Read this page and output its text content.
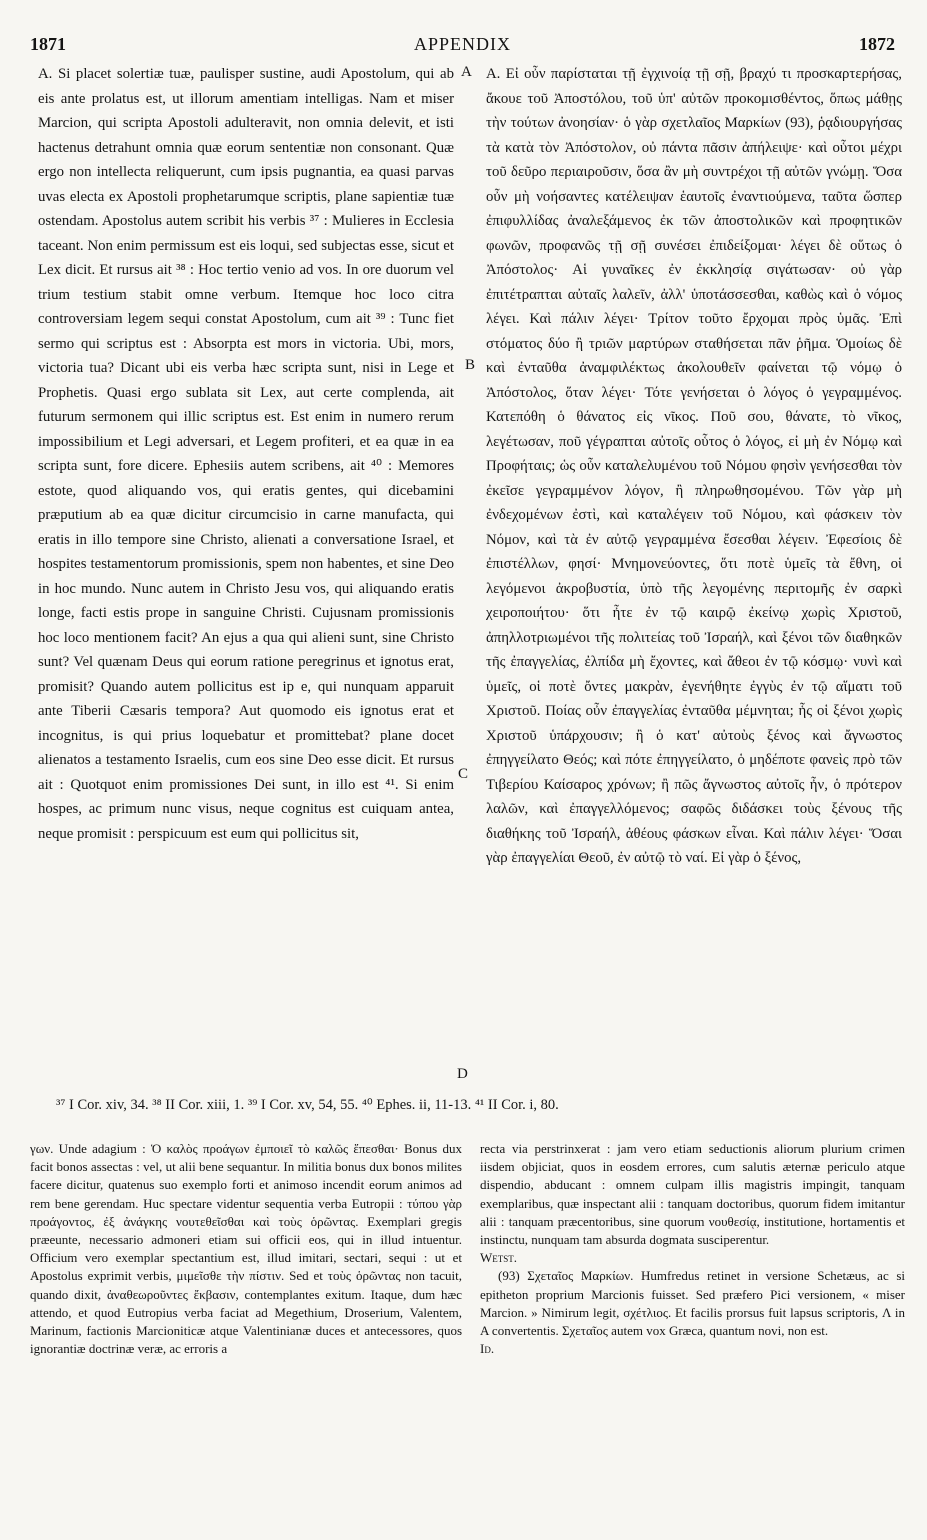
1871	APPENDIX	1872

A. Si placet solertiæ tuæ, paulisper sustine, audi Apostolum, qui ab eis ante prolatus est, ut illorum amentiam intelligas. Nam et miser Marcion, qui scripta Apostoli adulteravit, non omnia delevit, et isti hactenus detrahunt omnia quæ eorum sententiæ non consonant. Quæ ergo non intellecta reliquerunt, cum ipsis pugnantia, ea quasi parvas uvas electa ex Apostoli prophetarumque scriptis, plane sapientiæ tuæ ostendam. Apostolus autem scribit his verbis ³⁷ : Mulieres in Ecclesia taceant. Non enim permissum est eis loqui, sed subjectas esse, sicut et Lex dicit. Et rursus ait ³⁸ : Hoc tertio venio ad vos. In ore duorum vel trium testium stabit omne verbum. Itemque hoc loco citra controversiam legem sequi constat Apostolum, cum ait ³⁹ : Tunc fiet sermo qui scriptus est : Absorpta est mors in victoria. Ubi, mors, victoria tua? Dicant ubi eis verba hæc scripta sunt, nisi in Lege et Prophetis. Quasi ergo sublata sit Lex, aut certe complenda, ait futurum sermonem qui illic scriptus est. Est enim in numero rerum impossibilium et Legi adversari, et Legem profiteri, et ea quæ in ea scripta sunt, fore dicere. Ephesiis autem scribens, ait ⁴⁰ : Memores estote, quod aliquando vos, qui eratis gentes, qui dicebamini præputium ab ea quæ dicitur circumcisio in carne manufacta, qui eratis in illo tempore sine Christo, alienati a conversatione Israel, et hospites testamentorum promissionis, spem non habentes, et sine Deo in hoc mundo. Nunc autem in Christo Jesu vos, qui aliquando eratis longe, facti estis prope in sanguine Christi. Cujusnam promissionis hoc loco mentionem facit? An ejus a qua qui alieni sunt, sine Christo sunt? Vel quænam Deus qui eorum ratione peregrinus et ignotus erat, promisit? Quando autem pollicitus est ip e, qui nunquam apparuit ante Tiberii Cæsaris tempora? Aut quomodo eis ignotus erat et incognitus, is qui prius loquebatur et promittebat? plane docet alienatos a testamento Israelis, cum eos sine Deo esse dicit. Et rursus ait : Quotquot enim promissiones Dei sunt, in illo est ⁴¹. Si enim hospes, ac primum nunc visus, neque cognitus est cuiquam antea, neque promisit : perspicuum est eum qui pollicitus sit,

A. Εἰ οὖν παρίσταται τῇ ἐγχινοίᾳ τῇ σῇ, βραχύ τι προσκαρτερήσας, ἄκουε τοῦ Ἀποστόλου, τοῦ ὑπ' αὐτῶν προκομισθέντος, ὅπως μάθῃς τὴν τούτων ἀνοησίαν· ὁ γὰρ σχετλαῖος Μαρκίων (93), ῥᾳδιουργήσας τὰ κατὰ τὸν Ἀπόστολον, οὐ πάντα πᾶσιν ἀπήλειψε· καὶ οὗτοι μέχρι τοῦ δεῦρο περιαιροῦσιν, ὅσα ἂν μὴ συντρέχοι τῇ αὐτῶν γνώμῃ. Ὅσα οὖν μὴ νοήσαντες κατέλειψαν ἑαυτοῖς ἐναντιούμενα, ταῦτα ὥσπερ ἐπιφυλλίδας ἀναλεξάμενος ἐκ τῶν ἀποστολικῶν καὶ προφητικῶν φωνῶν, προφανῶς τῇ σῇ συνέσει ἐπιδείξομαι· λέγει δὲ οὕτως ὁ Ἀπόστολος· Αἱ γυναῖκες ἐν ἐκκλησίᾳ σιγάτωσαν· οὐ γὰρ ἐπιτέτραπται αὐταῖς λαλεῖν, ἀλλ' ὑποτάσσεσθαι, καθὼς καὶ ὁ νόμος λέγει. Καὶ πάλιν λέγει· Τρίτον τοῦτο ἔρχομαι πρὸς ὑμᾶς. Ἐπὶ στόματος δύο ἢ τριῶν μαρτύρων σταθήσεται πᾶν ῥῆμα. Ὁμοίως δὲ καὶ ἐνταῦθα ἀναμφιλέκτως ἀκολουθεῖν φαίνεται τῷ νόμῳ ὁ Ἀπόστολος, ὅταν λέγει· Τότε γενήσεται ὁ λόγος ὁ γεγραμμένος. Κατεπόθη ὁ θάνατος εἰς νῖκος. Ποῦ σου, θάνατε, τὸ νῖκος, λεγέτωσαν, ποῦ γέγραπται αὐτοῖς οὗτος ὁ λόγος, εἰ μὴ ἐν Νόμῳ καὶ Προφήταις; ὡς οὖν καταλελυμένου τοῦ Νόμου φησὶν γενήσεσθαι τὸν ἐκεῖσε γεγραμμένον λόγον, ἢ πληρωθησομένου. Τῶν γὰρ μὴ ἐνδεχομένων ἐστὶ, καὶ καταλέγειν τοῦ Νόμου, καὶ φάσκειν τὸν Νόμον, καὶ τὰ ἐν αὐτῷ γεγραμμένα ἔσεσθαι λέγειν. Ἐφεσίοις δὲ ἐπιστέλλων, φησί· Μνημονεύοντες, ὅτι ποτὲ ὑμεῖς τὰ ἔθνη, οἱ λεγόμενοι ἀκροβυστία, ὑπὸ τῆς λεγομένης περιτομῆς ἐν σαρκὶ χειροποιήτου· ὅτι ἦτε ἐν τῷ καιρῷ ἐκείνῳ χωρὶς Χριστοῦ, ἀπηλλοτριωμένοι τῆς πολιτείας τοῦ Ἰσραήλ, καὶ ξένοι τῶν διαθηκῶν τῆς ἐπαγγελίας, ἐλπίδα μὴ ἔχοντες, καὶ ἄθεοι ἐν τῷ κόσμῳ· νυνὶ καὶ ὑμεῖς, οἱ ποτὲ ὄντες μακρὰν, ἐγενήθητε ἐγγὺς ἐν τῷ αἵματι τοῦ Χριστοῦ. Ποίας οὖν ἐπαγγελίας ἐνταῦθα μέμνηται; ἧς οἱ ξένοι χωρὶς Χριστοῦ ὑπάρχουσιν; ἢ ὁ κατ' αὐτοὺς ξένος καὶ ἄγνωστος ἐπηγγείλατο Θεός; καὶ πότε ἐπηγγείλατο, ὁ μηδέποτε φανεὶς πρὸ τῶν Τιβερίου Καίσαρος χρόνων; ἢ πῶς ἄγνωστος αὐτοῖς ἦν, ὁ πρότερον λαλῶν, καὶ ἐπαγγελλόμενος; σαφῶς διδάσκει τοὺς ξένους τῆς διαθήκης τοῦ Ἰσραήλ, ἀθέους φάσκων εἶναι. Καὶ πάλιν λέγει· Ὅσαι γὰρ ἐπαγγελίαι Θεοῦ, ἐν αὐτῷ τὸ ναί. Εἰ γὰρ ὁ ξένος,

A
B
C
D
³⁷ I Cor. xiv, 34. ³⁸ II Cor. xiii, 1. ³⁹ I Cor. xv, 54, 55. ⁴⁰ Ephes. ii, 11-13. ⁴¹ II Cor. i, 80.

γων. Unde adagium : Ὁ καλὸς προάγων ἐμποιεῖ τὸ καλῶς ἕπεσθαι· Bonus dux facit bonos assectas : vel, ut alii bene sequantur. In militia bonus dux bonos milites facere dicitur, quatenus suo exemplo forti et animoso incendit eorum animos ad rem bene gerendam. Huc spectare videntur sequentia verba Eutropii : τύπου γὰρ προάγοντος, ἐξ ἀνάγκης νουτεθεῖσθαι καὶ τοὺς ὁρῶντας. Exemplari gregis præeunte, necessario admoneri etiam sui officii eos, qui in illud intuentur. Officium vero exemplar spectantium est, illud imitari, sectari, sequi : ut et Apostolus exprimit verbis, μιμεῖσθε τὴν πίστιν. Sed et τοὺς ὁρῶντας non tacuit, quando dixit, ἀναθεωροῦντες ἔκβασιν, contemplantes exitum. Itaque, dum hæc attendo, et quod Eutropius verba faciat ad Megethium, Droserium, Valentem, Marinum, factionis Marcioniticæ atque Valentinianæ duces et antecessores, quos ignorantiæ doctrinæ veræ, ac erroris a

recta via perstrinxerat : jam vero etiam seductionis aliorum plurium crimen iisdem objiciat, quos in eosdem errores, cum salutis æternæ periculo atque dispendio, abducant : omnem culpam illis magistris impingit, tanquam exemplaribus, quæ inspectant alii : tanquam doctoribus, quorum fidem imitantur alii : tanquam præcentoribus, sine quorum νουθεσίᾳ, institutione, hortamentis et instinctu, nunquam tam absurda dogmata susciperentur.

Wetst.

(93) Σχεταῖος Μαρκίων. Humfredus retinet in versione Schetæus, ac si epitheton proprium Marcionis fuisset. Sed præfero Pici versionem, « miser Marcion. » Nimirum legit, σχέτλιος. Et facilis prorsus fuit lapsus scriptoris, Λ in Α convertentis. Σχεταῖος autem vox Græca, quantum novi, non est.

Id.
